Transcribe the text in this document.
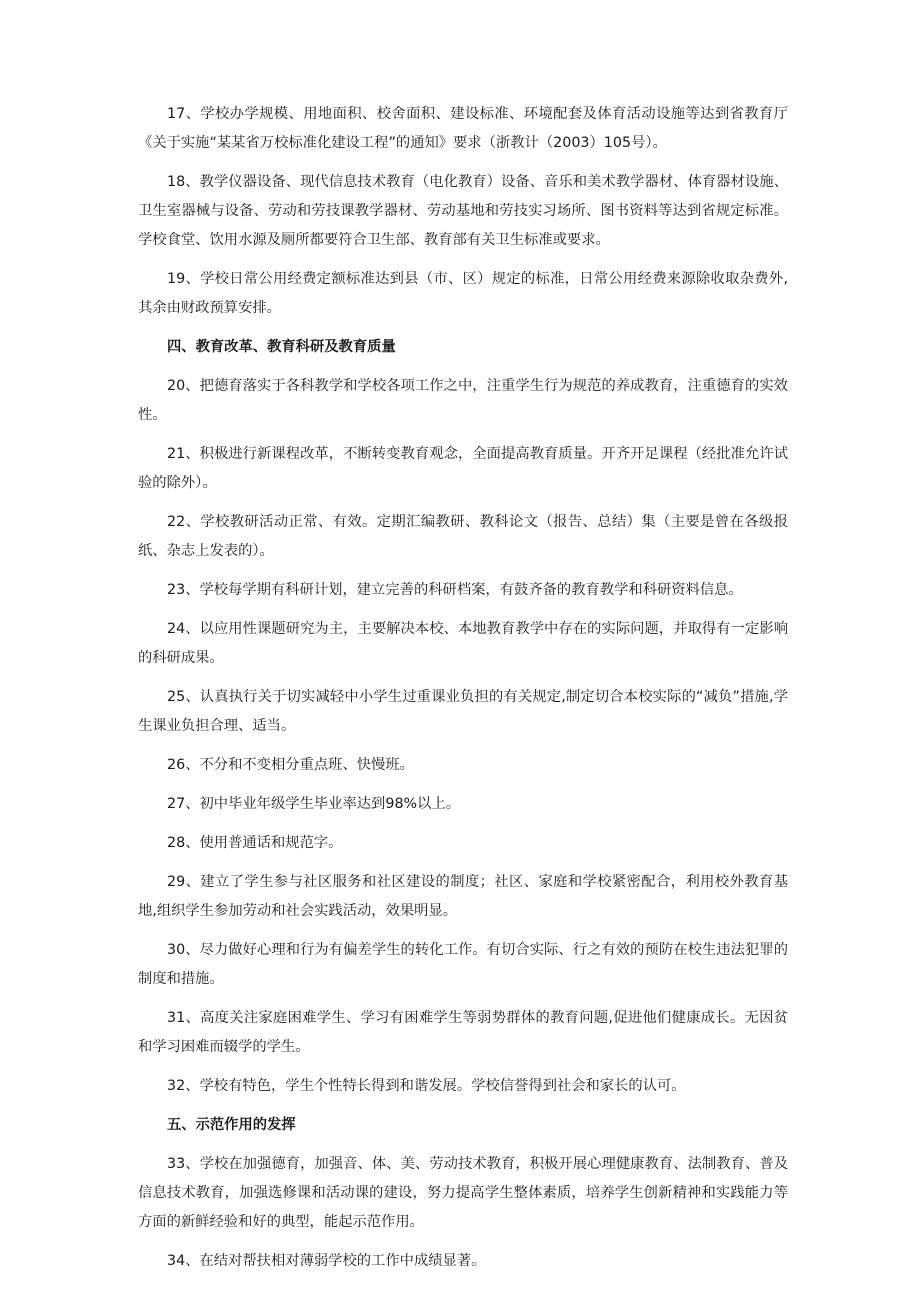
17、学校办学规模、用地面积、校舍面积、建设标准、环境配套及体育活动设施等达到省教育厅《关于实施“某某省万校标准化建设工程”的通知》要求（浙教计（2003）105号）。

18、教学仪器设备、现代信息技术教育（电化教育）设备、音乐和美术教学器材、体育器材设施、卫生室器械与设备、劳动和劳技课教学器材、劳动基地和劳技实习场所、图书资料等达到省规定标准。学校食堂、饮用水源及厕所都要符合卫生部、教育部有关卫生标准或要求。

19、学校日常公用经费定额标准达到县（市、区）规定的标准，日常公用经费来源除收取杂费外,其余由财政预算安排。

四、教育改革、教育科研及教育质量

20、把德育落实于各科教学和学校各项工作之中，注重学生行为规范的养成教育，注重德育的实效性。

21、积极进行新课程改革，不断转变教育观念，全面提高教育质量。开齐开足课程（经批准允许试验的除外）。

22、学校教研活动正常、有效。定期汇编教研、教科论文（报告、总结）集（主要是曾在各级报纸、杂志上发表的）。

23、学校每学期有科研计划，建立完善的科研档案，有鼓齐备的教育教学和科研资料信息。

24、以应用性课题研究为主，主要解决本校、本地教育教学中存在的实际问题，并取得有一定影响的科研成果。

25、认真执行关于切实减轻中小学生过重课业负担的有关规定,制定切合本校实际的“减负”措施,学生课业负担合理、适当。

26、不分和不变相分重点班、快慢班。

27、初中毕业年级学生毕业率达到98%以上。

28、使用普通话和规范字。

29、建立了学生参与社区服务和社区建设的制度；社区、家庭和学校紧密配合，利用校外教育基地,组织学生参加劳动和社会实践活动，效果明显。

30、尽力做好心理和行为有偏差学生的转化工作。有切合实际、行之有效的预防在校生违法犯罪的制度和措施。

31、高度关注家庭困难学生、学习有困难学生等弱势群体的教育问题,促进他们健康成长。无因贫和学习困难而辍学的学生。

32、学校有特色，学生个性特长得到和谐发展。学校信誉得到社会和家长的认可。

五、示范作用的发挥

33、学校在加强德育，加强音、体、美、劳动技术教育，积极开展心理健康教育、法制教育、普及信息技术教育，加强选修课和活动课的建设，努力提高学生整体素质，培养学生创新精神和实践能力等方面的新鲜经验和好的典型，能起示范作用。

34、在结对帮扶相对薄弱学校的工作中成绩显著。
